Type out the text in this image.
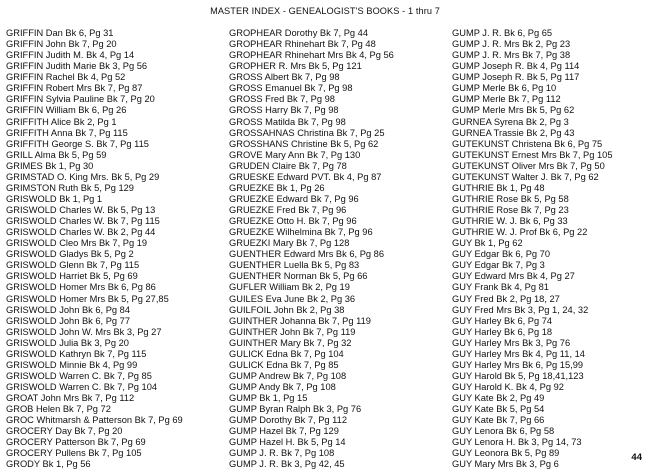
MASTER INDEX - GENEALOGIST'S BOOKS - 1 thru 7
GRIFFIN Dan Bk 6, Pg 31
GRIFFIN John Bk 7, Pg 20
GRIFFIN Judith M. Bk 4, Pg 14
GRIFFIN Judith Marie Bk 3, Pg 56
GRIFFIN Rachel Bk 4, Pg 52
GRIFFIN Robert Mrs Bk 7, Pg 87
GRIFFIN Sylvia Pauline Bk 7, Pg 20
GRIFFIN William Bk 6, Pg 26
GRIFFITH Alice Bk 2, Pg 1
GRIFFITH Anna Bk 7, Pg 115
GRIFFITH George S. Bk 7, Pg 115
GRILL Alma Bk 5, Pg 59
GRIMES Bk 1, Pg 30
GRIMSTAD O. King Mrs. Bk 5, Pg 29
GRIMSTON Ruth Bk 5, Pg 129
GRISWOLD Bk 1, Pg 1
GRISWOLD Charles W. Bk 5, Pg 13
GRISWOLD Charles W. Bk 7, Pg 115
GRISWOLD Charles W. Bk 2, Pg 44
GRISWOLD Cleo Mrs Bk 7, Pg 19
GRISWOLD Gladys Bk 5, Pg 2
GRISWOLD Glenn Bk 7, Pg 115
GRISWOLD Harriet Bk 5, Pg 69
GRISWOLD Homer Mrs Bk 6, Pg 86
GRISWOLD Homer Mrs Bk 5, Pg 27,85
GRISWOLD John Bk 6, Pg 84
GRISWOLD John Bk 6, Pg 77
GRISWOLD John W. Mrs Bk 3, Pg 27
GRISWOLD Julia Bk 3, Pg 20
GRISWOLD Kathryn Bk 7, Pg 115
GRISWOLD Minnie Bk 4, Pg 99
GRISWOLD Warren C. Bk 7, Pg 85
GRISWOLD Warren C. Bk 7, Pg 104
GROAT John Mrs Bk 7, Pg 112
GROB Helen Bk 7, Pg 72
GROC Whitmarsh & Patterson Bk 7, Pg 69
GROCERY Day Bk 7, Pg 20
GROCERY Patterson Bk 7, Pg 69
GROCERY Pullens Bk 7, Pg 105
GRODY Bk 1, Pg 56
GROPHEAR Dorothy Bk 7, Pg 44
GROPHEAR Rhinehart Bk 7, Pg 48
GROPHEAR Rhinehart Mrs Bk 4, Pg 56
GROPHER R. Mrs Bk 5, Pg 121
GROSS Albert Bk 7, Pg 98
GROSS Emanuel Bk 7, Pg 98
GROSS Fred Bk 7, Pg 98
GROSS Harry Bk 7, Pg 98
GROSS Matilda Bk 7, Pg 98
GROSSAHNAS Christina Bk 7, Pg 25
GROSSHANS Christine Bk 5, Pg 62
GROVE Mary Ann Bk 7, Pg 130
GRUDEN Claire Bk 7, Pg 78
GRUESKE Edward PVT. Bk 4, Pg 87
GRUEZKE Bk 1, Pg 26
GRUEZKE Edward Bk 7, Pg 96
GRUEZKE Fred Bk 7, Pg 96
GRUEZKE Otto H. Bk 7, Pg 96
GRUEZKE Wilhelmina Bk 7, Pg 96
GRUEZKI Mary Bk 7, Pg 128
GUENTHER Edward Mrs Bk 6, Pg 86
GUENTHER Luella Bk 5, Pg 83
GUENTHER Norman Bk 5, Pg 66
GUFLER William Bk 2, Pg 19
GUILES Eva June Bk 2, Pg 36
GUILFOIL John Bk 2, Pg 38
GUINTHER Johanna Bk 7, Pg 119
GUINTHER John Bk 7, Pg 119
GUINTHER Mary Bk 7, Pg 32
GULICK Edna Bk 7, Pg 104
GULICK Edna Bk 7, Pg 85
GUMP Andrew Bk 7, Pg 108
GUMP Andy Bk 7, Pg 108
GUMP Bk 1, Pg 15
GUMP Byran Ralph Bk 3, Pg 76
GUMP Dorothy Bk 7, Pg 112
GUMP Hazel Bk 7, Pg 129
GUMP Hazel H. Bk 5, Pg 14
GUMP J. R. Bk 7, Pg 108
GUMP J. R. Bk 3, Pg 42, 45
GUMP J. R. Bk 6, Pg 65
GUMP J. R. Mrs Bk 2, Pg 23
GUMP J. R. Mrs Bk 7, Pg 38
GUMP Joseph R. Bk 4, Pg 114
GUMP Joseph R. Bk 5, Pg 117
GUMP Merle Bk 6, Pg 10
GUMP Merle Bk 7, Pg 112
GUMP Merle Mrs Bk 5, Pg 62
GURNEA Syrena Bk 2, Pg 3
GURNEA Trassie Bk 2, Pg 43
GUTEKUNST Christena Bk 6, Pg 75
GUTEKUNST Ernest Mrs Bk 7, Pg 105
GUTEKUNST Oliver Mrs Bk 7, Pg 50
GUTEKUNST Walter J. Bk 7, Pg 62
GUTHRIE Bk 1, Pg 48
GUTHRIE Rose Bk 5, Pg 58
GUTHRIE Rose Bk 7, Pg 23
GUTHRIE W. J. Bk 6, Pg 33
GUTHRIE W. J. Prof Bk 6, Pg 22
GUY Bk 1, Pg 62
GUY Edgar Bk 6, Pg 70
GUY Edgar Bk 7, Pg 3
GUY Edward Mrs Bk 4, Pg 27
GUY Frank Bk 4, Pg 81
GUY Fred Bk 2, Pg 18, 27
GUY Fred Mrs Bk 3, Pg 1, 24, 32
GUY Harley Bk 6, Pg 74
GUY Harley Bk 6, Pg 18
GUY Harley Mrs Bk 3, Pg 76
GUY Harley Mrs Bk 4, Pg 11, 14
GUY Harley Mrs Bk 6, Pg 15,99
GUY Harold Bk 5, Pg 18,41,123
GUY Harold K. Bk 4, Pg 92
GUY Kate Bk 2, Pg 49
GUY Kate Bk 5, Pg 54
GUY Kate Bk 7, Pg 66
GUY Lenora Bk 6, Pg 58
GUY Lenora H. Bk 3, Pg 14, 73
GUY Leonora Bk 5, Pg 89
GUY Mary Mrs Bk 3, Pg 6
44
